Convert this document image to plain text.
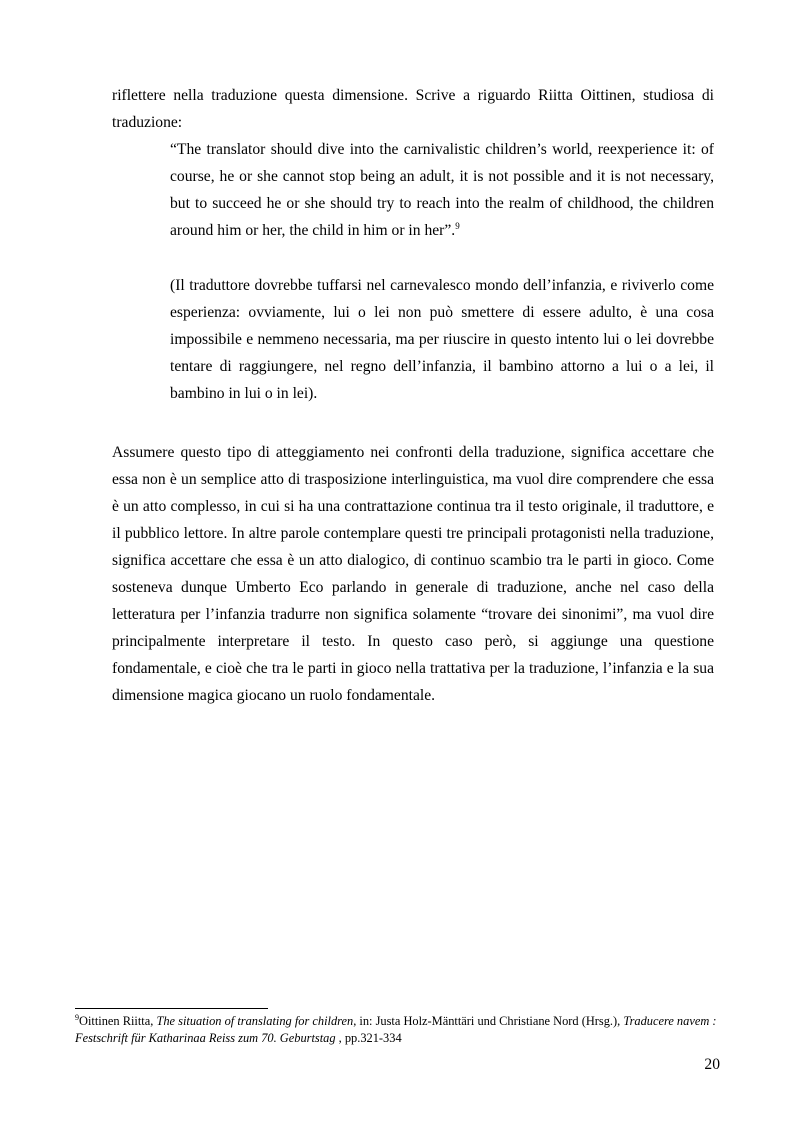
riflettere nella traduzione questa dimensione. Scrive a riguardo Riitta Oittinen, studiosa di traduzione:

“The translator should dive into the carnivalistic children’s world, reexperience it: of course, he or she cannot stop being an adult, it is not possible and it is not necessary, but to succeed he or she should try to reach into the realm of childhood, the children around him or her, the child in him or in her”.$^9$

(Il traduttore dovrebbe tuffarsi nel carnevalesco mondo dell’infanzia, e riviverlo come esperienza: ovviamente, lui o lei non può smettere di essere adulto, è una cosa impossibile e nemmeno necessaria, ma per riuscire in questo intento lui o lei dovrebbe tentare di raggiungere, nel regno dell’infanzia, il bambino attorno a lui o a lei, il bambino in lui o in lei).

Assumere questo tipo di atteggiamento nei confronti della traduzione, significa accettare che essa non è un semplice atto di trasposizione interlinguistica, ma vuol dire comprendere che essa è un atto complesso, in cui si ha una contrattazione continua tra il testo originale, il traduttore, e il pubblico lettore. In altre parole contemplare questi tre principali protagonisti nella traduzione, significa accettare che essa è un atto dialogico, di continuo scambio tra le parti in gioco. Come sosteneva dunque Umberto Eco parlando in generale di traduzione, anche nel caso della letteratura per l’infanzia tradurre non significa solamente “trovare dei sinonimi”, ma vuol dire principalmente interpretare il testo. In questo caso però, si aggiunge una questione fondamentale, e cioè che tra le parti in gioco nella trattativa per la traduzione, l’infanzia e la sua dimensione magica giocano un ruolo fondamentale.

$^9$Oittinen Riitta, The situation of translating for children, in: Justa Holz-Mänttäri und Christiane Nord (Hrsg.), Traducere navem : Festschrift für Katharinaa Reiss zum 70. Geburtstag , pp.321-334

20
